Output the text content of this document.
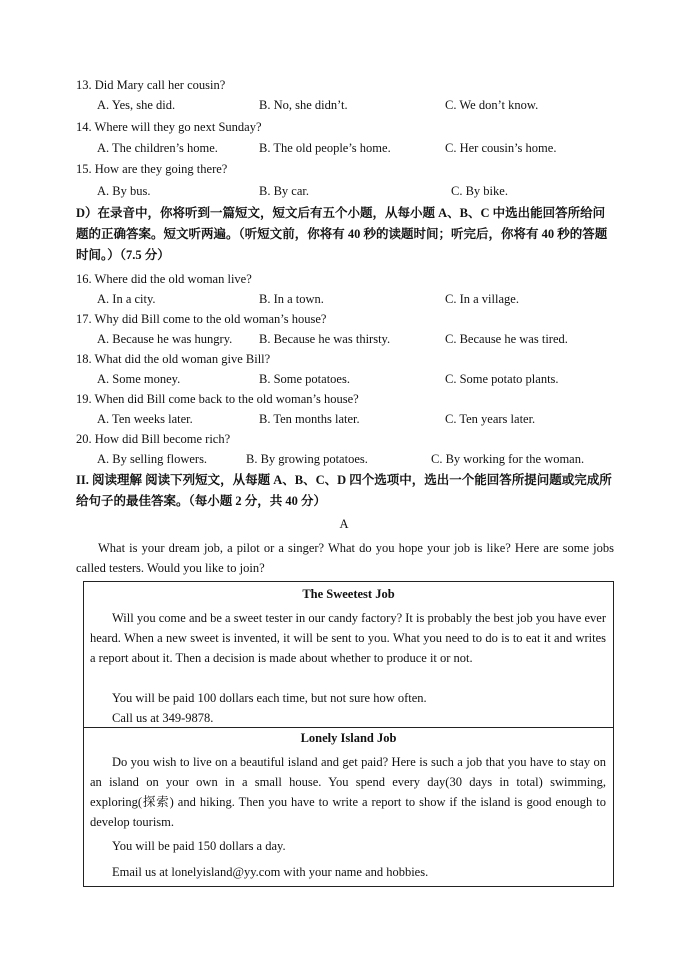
13. Did Mary call her cousin?
A. Yes, she did.	B. No, she didn’t.	C. We don’t know.
14. Where will they go next Sunday?
A. The children’s home.	B. The old people’s home.	C. Her cousin’s home.
15. How are they going there?
A. By bus.	B. By car.	C. By bike.
D）在录音中，你将听到一篇短文，短文后有五个小题，从每小题 A、B、C 中选出能回答所给问题的正确答案。短文听两遍。（听短文前，你将有 40 秒的读题时间；听完后，你将有 40 秒的答题时间。）（7.5 分）
16. Where did the old woman live?
A. In a city.	B. In a town.	C. In a village.
17. Why did Bill come to the old woman’s house?
A. Because he was hungry. B. Because he was thirsty.	C. Because he was tired.
18. What did the old woman give Bill?
A. Some money.	B. Some potatoes.	C. Some potato plants.
19. When did Bill come back to the old woman’s house?
A. Ten weeks later.	B. Ten months later.	C. Ten years later.
20. How did Bill become rich?
A. By selling flowers.	B. By growing potatoes.	C. By working for the woman.
II. 阅读理解 阅读下列短文，从每题 A、B、C、D 四个选项中，选出一个能回答所提问题或完成所给句子的最佳答案。（每小题 2 分，共 40 分）
A
What is your dream job, a pilot or a singer? What do you hope your job is like? Here are some jobs called testers. Would you like to join?
The Sweetest Job
Will you come and be a sweet tester in our candy factory? It is probably the best job you have ever heard. When a new sweet is invented, it will be sent to you. What you need to do is to eat it and writes a report about it. Then a decision is made about whether to produce it or not.
You will be paid 100 dollars each time, but not sure how often.
Call us at 349-9878.
Lonely Island Job
Do you wish to live on a beautiful island and get paid? Here is such a job that you have to stay on an island on your own in a small house. You spend every day(30 days in total) swimming, exploring(探索) and hiking. Then you have to write a report to show if the island is good enough to develop tourism.
You will be paid 150 dollars a day.
Email us at lonelyisland@yy.com with your name and hobbies.
